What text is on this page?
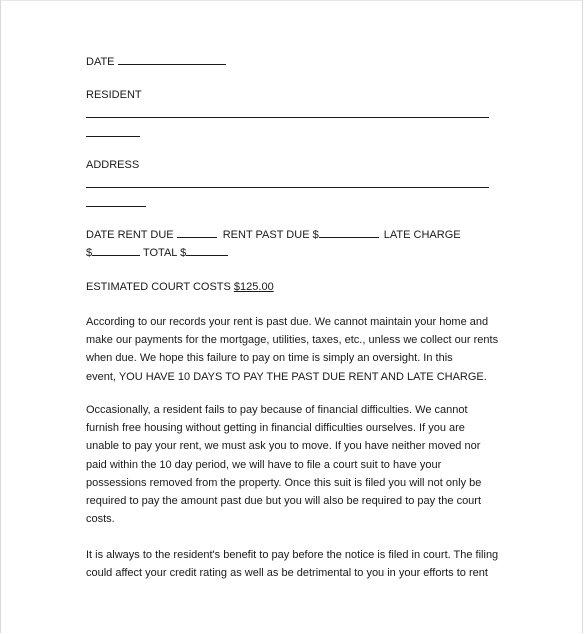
DATE
RESIDENT
ADDRESS
DATE RENT DUE	RENT PAST DUE $	LATE CHARGE
$	TOTAL $
ESTIMATED COURT COSTS $125.00
According to our records your rent is past due. We cannot maintain your home and
make our payments for the mortgage, utilities, taxes, etc., unless we collect our rents
when due. We hope this failure to pay on time is simply an oversight. In this
event, YOU HAVE 10 DAYS TO PAY THE PAST DUE RENT AND LATE CHARGE.
Occasionally, a resident fails to pay because of financial difficulties. We cannot
furnish free housing without getting in financial difficulties ourselves. If you are
unable to pay your rent, we must ask you to move. If you have neither moved nor
paid within the 10 day period, we will have to file a court suit to have your
possessions removed from the property. Once this suit is filed you will not only be
required to pay the amount past due but you will also be required to pay the court
costs.
It is always to the resident's benefit to pay before the notice is filed in court. The filing
could affect your credit rating as well as be detrimental to you in your efforts to rent
